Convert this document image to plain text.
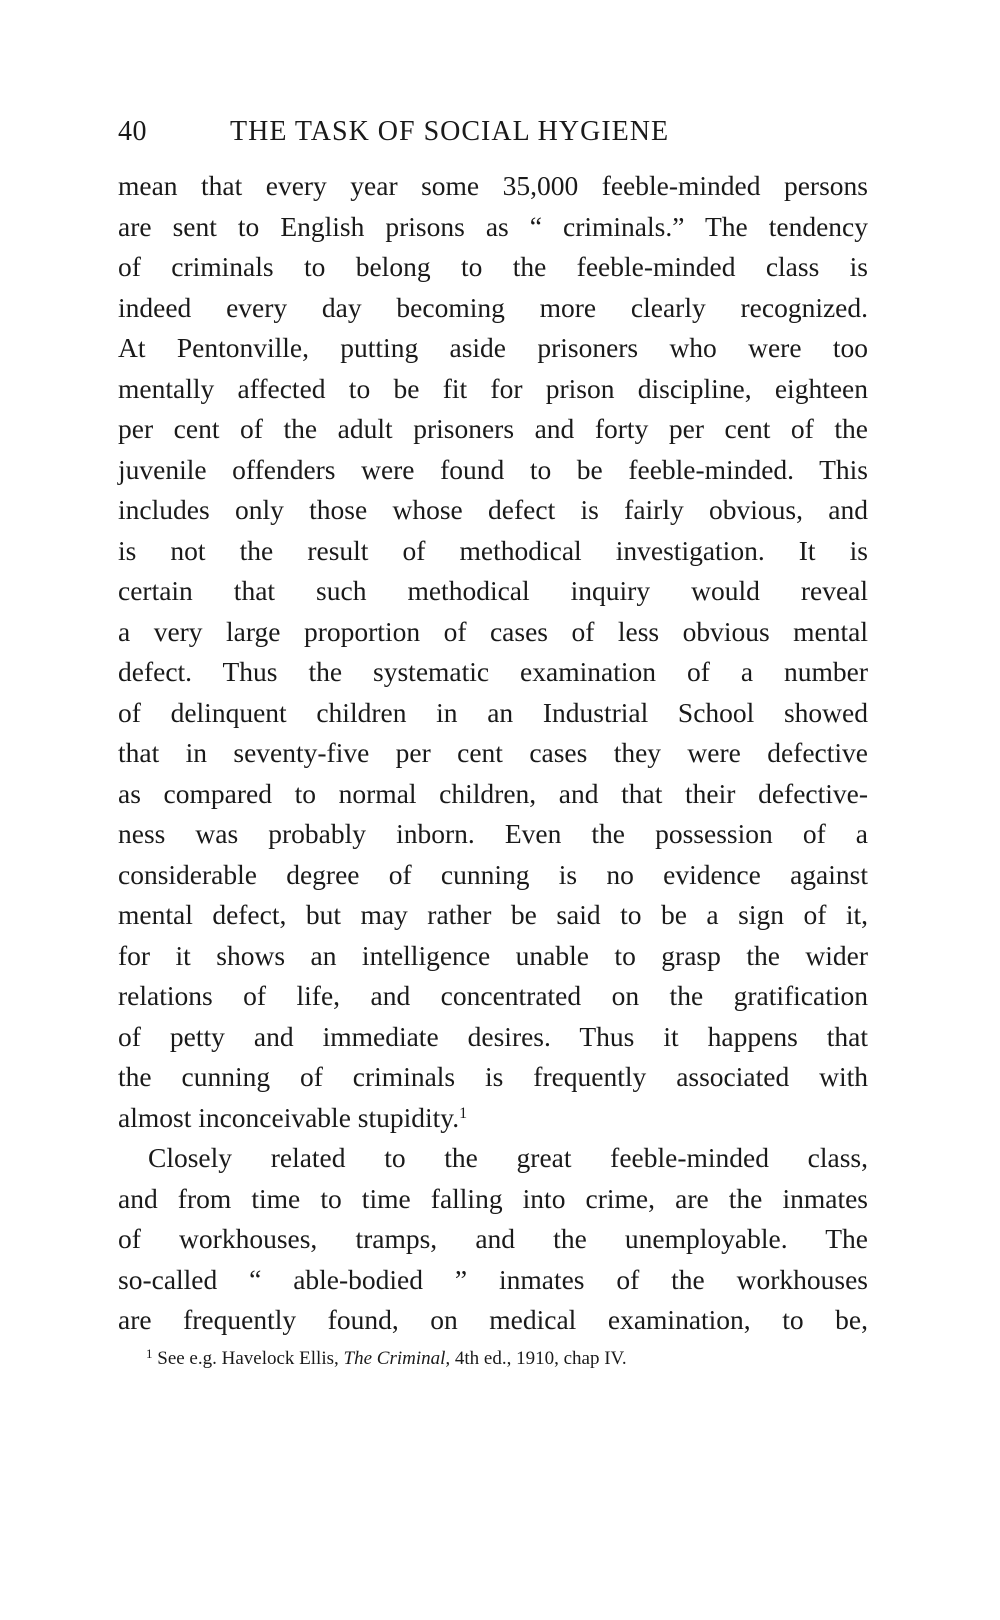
40	THE TASK OF SOCIAL HYGIENE

mean that every year some 35,000 feeble-minded persons
are sent to English prisons as “ criminals.” The tendency
of criminals to belong to the feeble-minded class is
indeed every day becoming more clearly recognized.
At Pentonville, putting aside prisoners who were too
mentally affected to be fit for prison discipline, eighteen
per cent of the adult prisoners and forty per cent of the
juvenile offenders were found to be feeble-minded. This
includes only those whose defect is fairly obvious, and
is not the result of methodical investigation. It is
certain that such methodical inquiry would reveal
a very large proportion of cases of less obvious mental
defect. Thus the systematic examination of a number
of delinquent children in an Industrial School showed
that in seventy-five per cent cases they were defective
as compared to normal children, and that their defective-
ness was probably inborn. Even the possession of a
considerable degree of cunning is no evidence against
mental defect, but may rather be said to be a sign of it,
for it shows an intelligence unable to grasp the wider
relations of life, and concentrated on the gratification
of petty and immediate desires. Thus it happens that
the cunning of criminals is frequently associated with
almost inconceivable stupidity.$^1$

Closely related to the great feeble-minded class,
and from time to time falling into crime, are the inmates
of workhouses, tramps, and the unemployable. The
so-called “ able-bodied ” inmates of the workhouses
are frequently found, on medical examination, to be,

$^1$ See e.g. Havelock Ellis, The Criminal, 4th ed., 1910, chap IV.
